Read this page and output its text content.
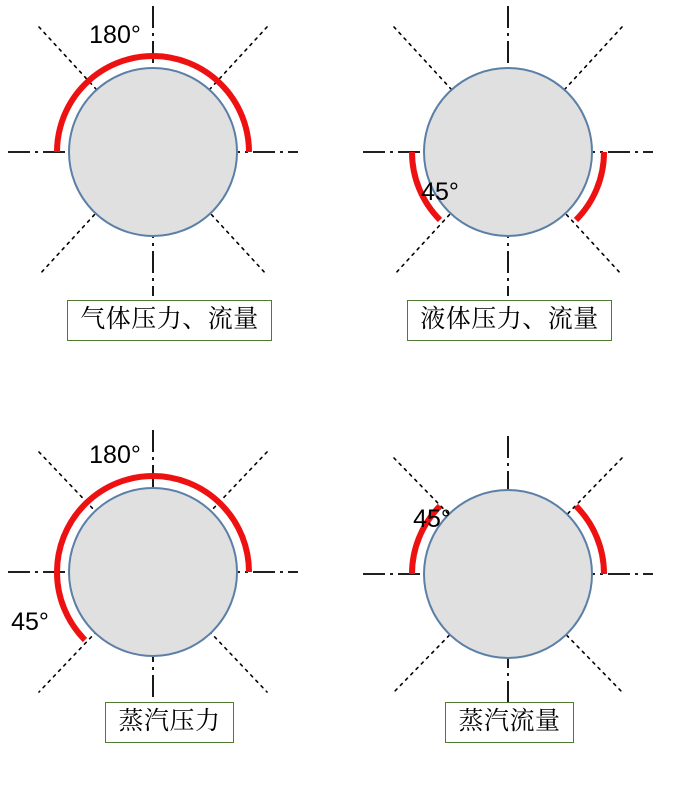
180°
气体压力、流量
45°
液体压力、流量
180°
45°
蒸汽压力
45°
蒸汽流量
